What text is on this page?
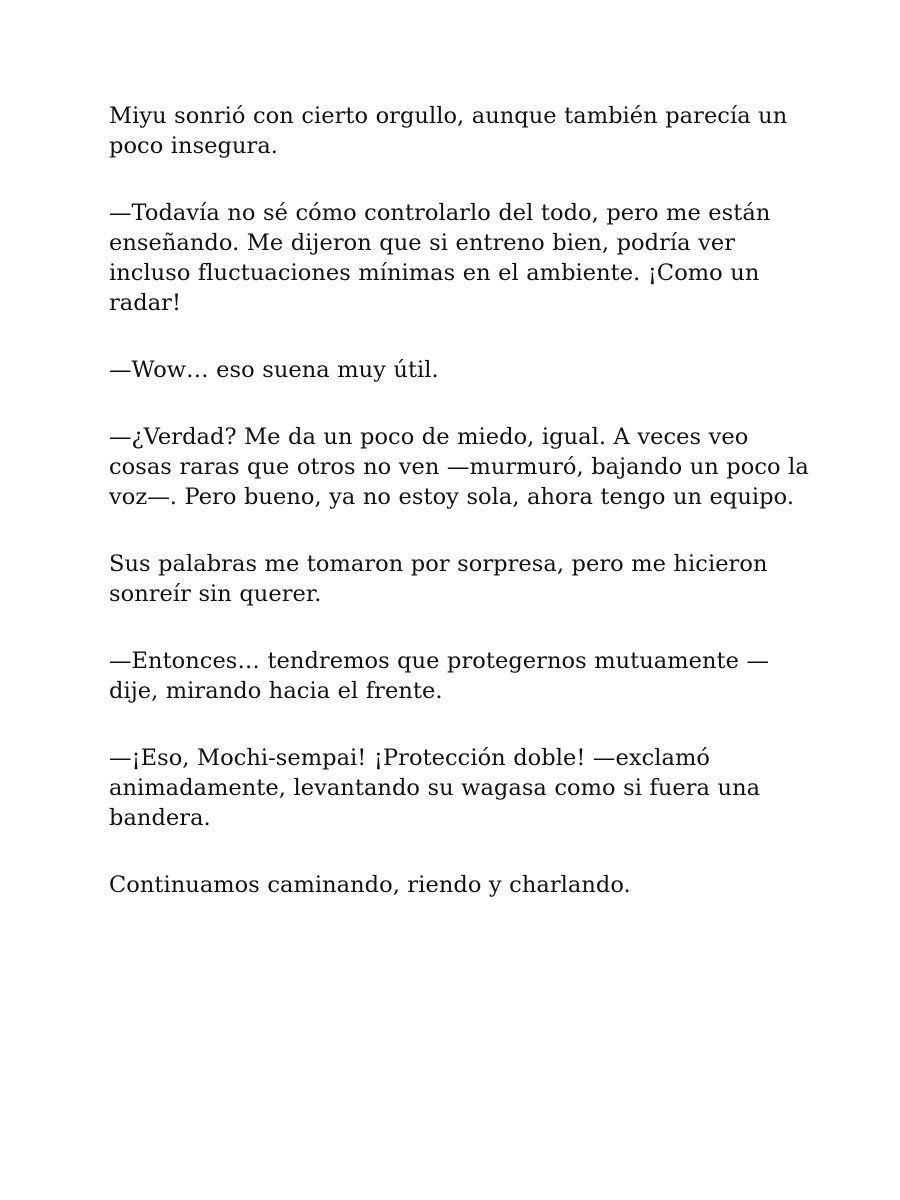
Miyu sonrió con cierto orgullo, aunque también parecía un poco insegura.

—Todavía no sé cómo controlarlo del todo, pero me están enseñando. Me dijeron que si entreno bien, podría ver incluso fluctuaciones mínimas en el ambiente. ¡Como un radar!

—Wow… eso suena muy útil.

—¿Verdad? Me da un poco de miedo, igual. A veces veo cosas raras que otros no ven —murmuró, bajando un poco la voz—. Pero bueno, ya no estoy sola, ahora tengo un equipo.

Sus palabras me tomaron por sorpresa, pero me hicieron sonreír sin querer.

—Entonces… tendremos que protegernos mutuamente —dije, mirando hacia el frente.

—¡Eso, Mochi-sempai! ¡Protección doble! —exclamó animadamente, levantando su wagasa como si fuera una bandera.

Continuamos caminando, riendo y charlando.
